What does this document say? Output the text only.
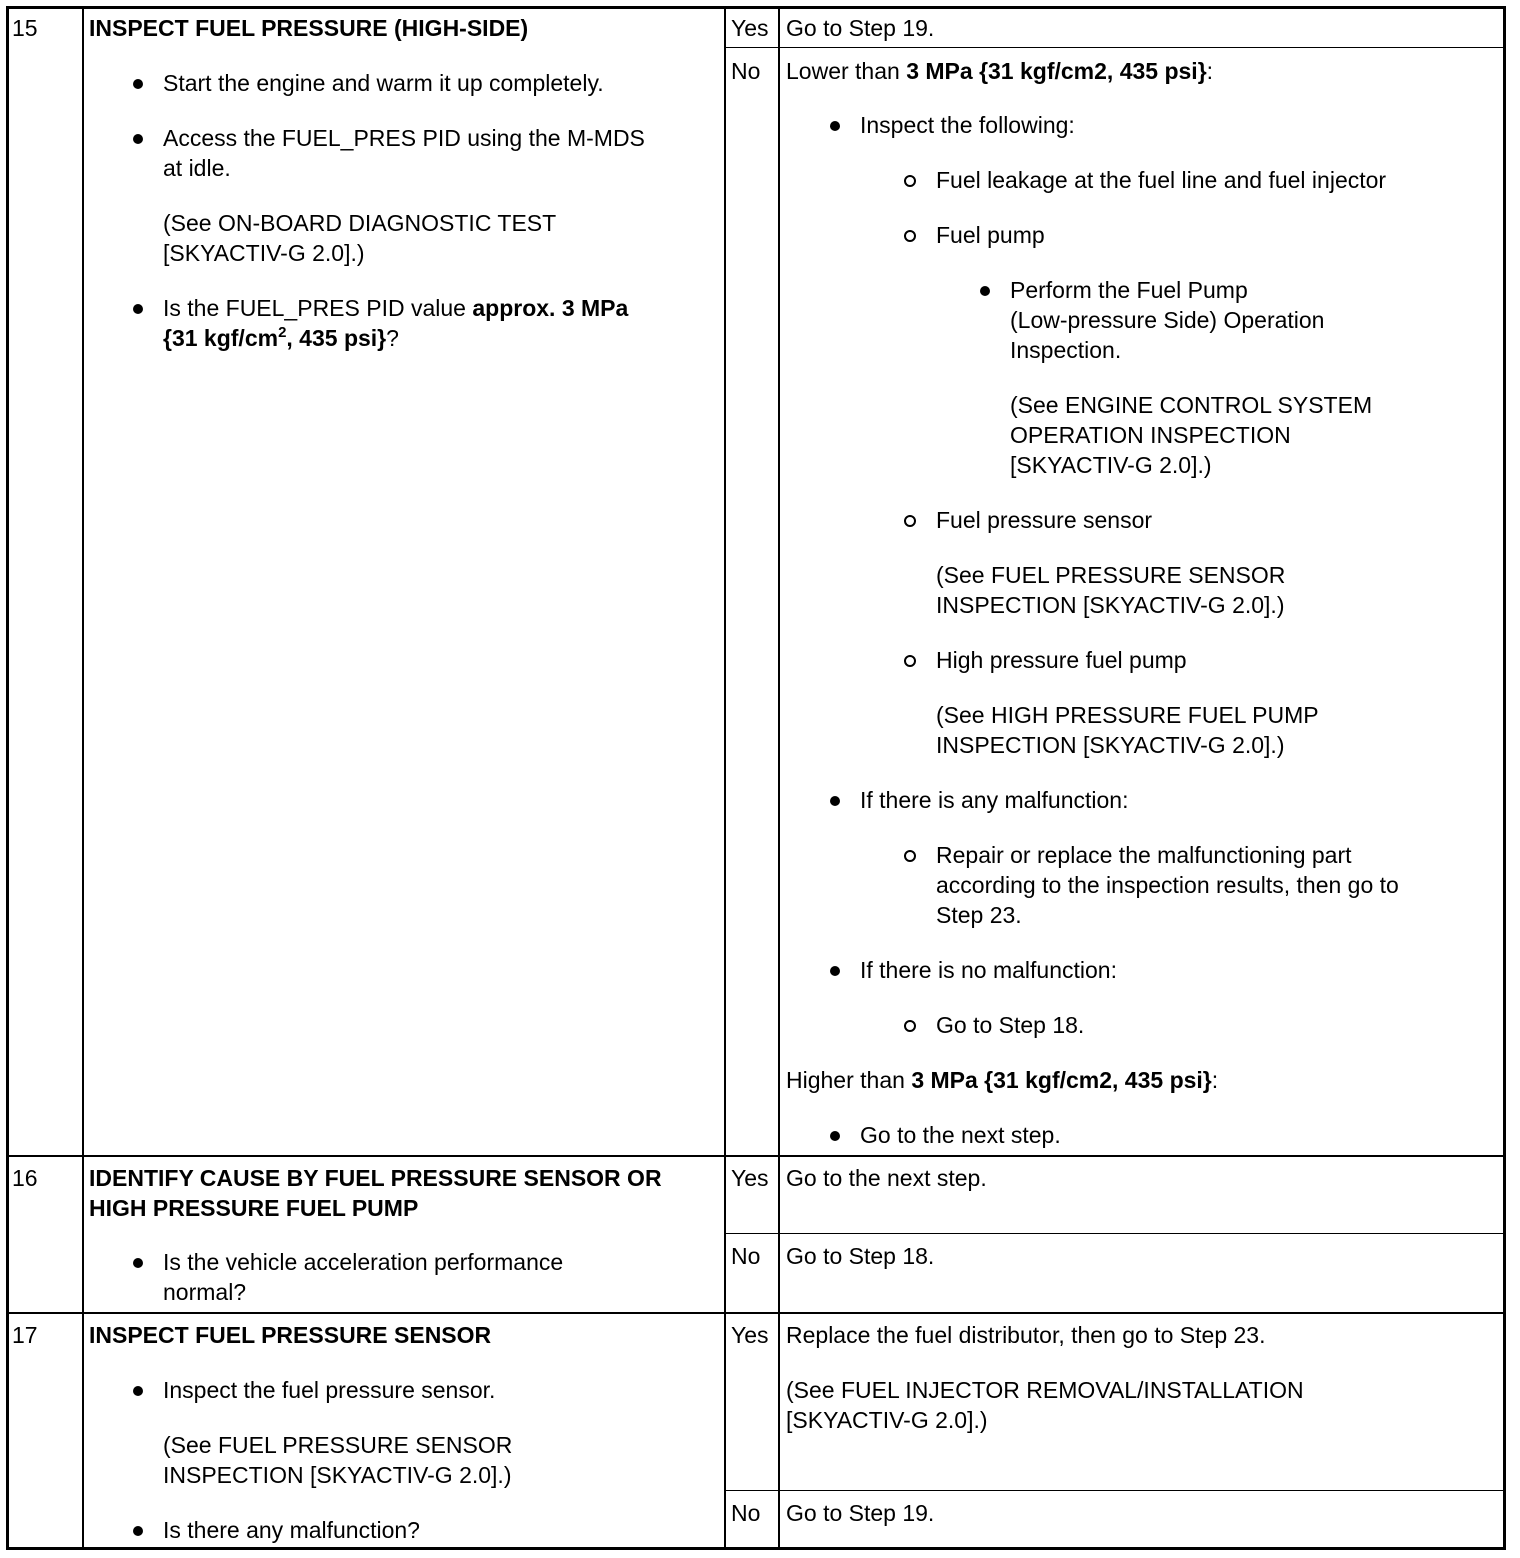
15 INSPECT FUEL PRESSURE (HIGH-SIDE)
Start the engine and warm it up completely.
Access the FUEL_PRES PID using the M-MDS
at idle.
(See ON-BOARD DIAGNOSTIC TEST
[SKYACTIV-G 2.0].)
Is the FUEL_PRES PID value approx. 3 MPa
{31 kgf/$cm^2$, 435 psi}?
Yes Go to Step 19.
No Lower than 3 MPa {31 kgf/cm2, 435 psi}:
Inspect the following:
Fuel leakage at the fuel line and fuel injector
Fuel pump
Perform the Fuel Pump
(Low-pressure Side) Operation
Inspection.
(See ENGINE CONTROL SYSTEM
OPERATION INSPECTION
[SKYACTIV-G 2.0].)
Fuel pressure sensor
(See FUEL PRESSURE SENSOR
INSPECTION [SKYACTIV-G 2.0].)
High pressure fuel pump
(See HIGH PRESSURE FUEL PUMP
INSPECTION [SKYACTIV-G 2.0].)
If there is any malfunction:
Repair or replace the malfunctioning part
according to the inspection results, then go to
Step 23.
If there is no malfunction:
Go to Step 18.
Higher than 3 MPa {31 kgf/cm2, 435 psi}:
Go to the next step.
16 IDENTIFY CAUSE BY FUEL PRESSURE SENSOR OR
HIGH PRESSURE FUEL PUMP
Is the vehicle acceleration performance
normal?
Yes Go to the next step.
No Go to Step 18.
17 INSPECT FUEL PRESSURE SENSOR
Inspect the fuel pressure sensor.
(See FUEL PRESSURE SENSOR
INSPECTION [SKYACTIV-G 2.0].)
Is there any malfunction?
Yes Replace the fuel distributor, then go to Step 23.
(See FUEL INJECTOR REMOVAL/INSTALLATION
[SKYACTIV-G 2.0].)
No Go to Step 19.
